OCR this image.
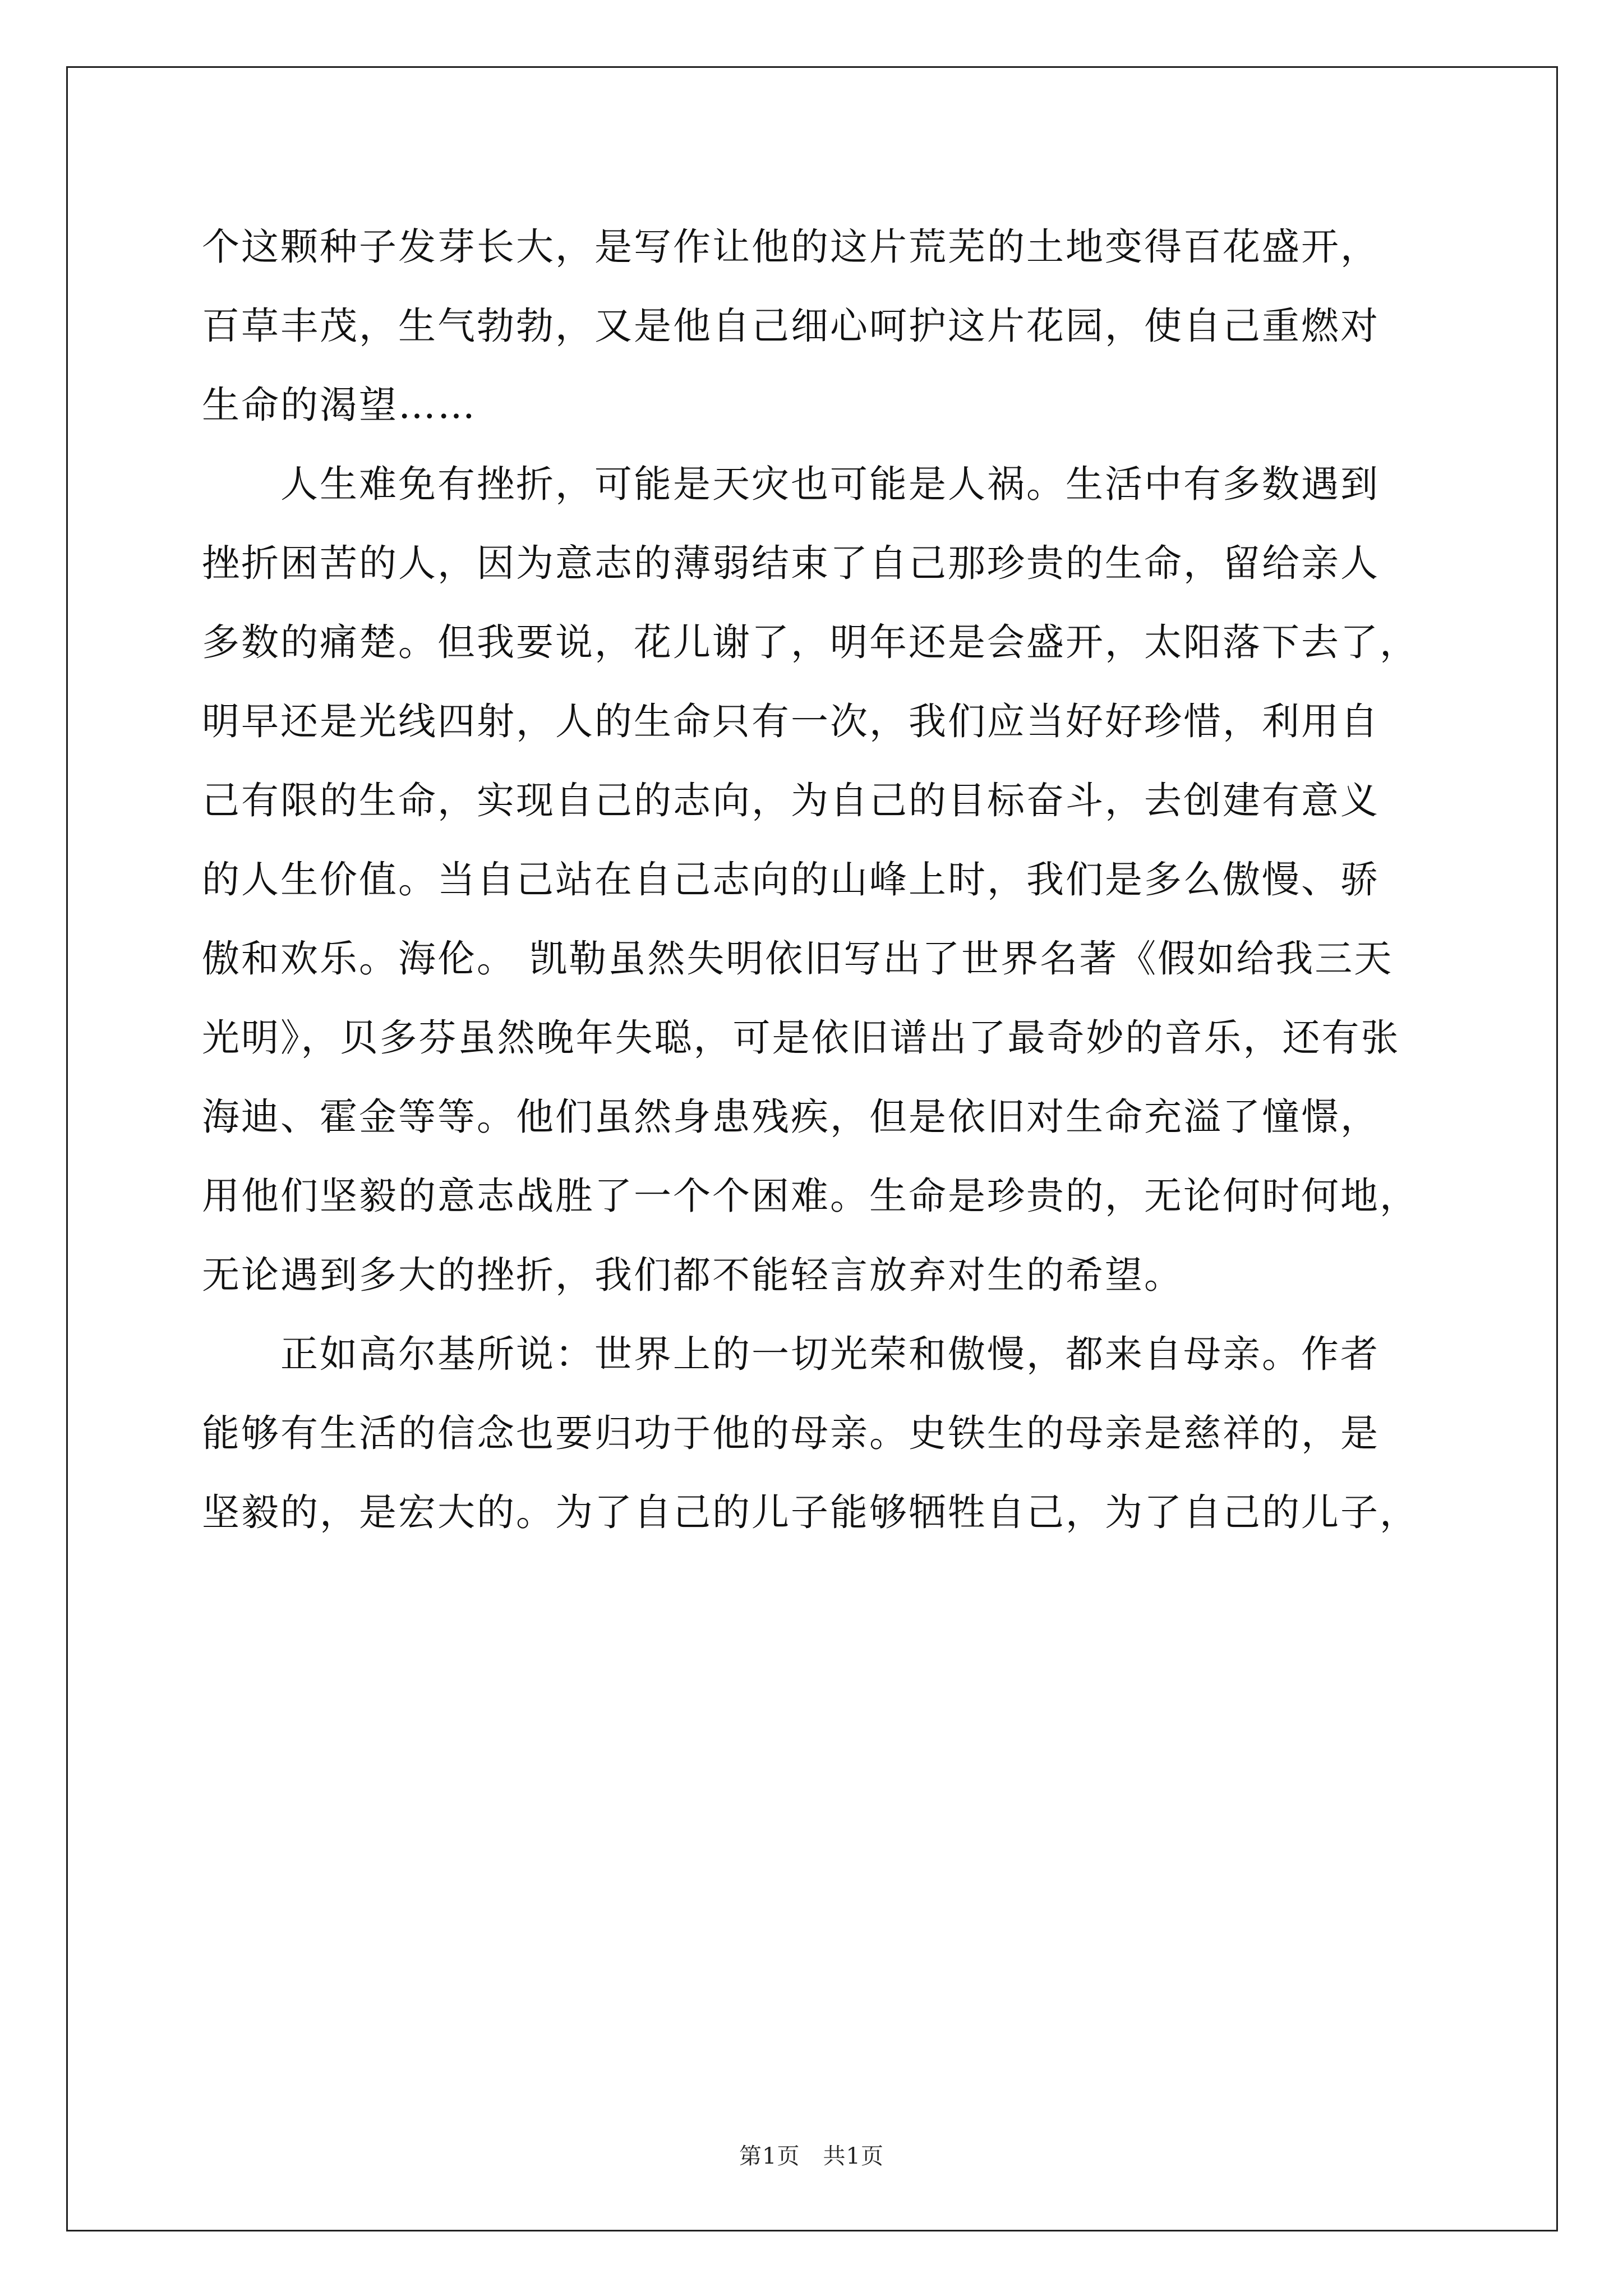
个这颗种子发芽长大，是写作让他的这片荒芜的土地变得百花盛开，
百草丰茂，生气勃勃，又是他自己细心呵护这片花园，使自己重燃对
生命的渴望……
　　人生难免有挫折，可能是天灾也可能是人祸。生活中有多数遇到
挫折困苦的人，因为意志的薄弱结束了自己那珍贵的生命，留给亲人
多数的痛楚。但我要说，花儿谢了，明年还是会盛开，太阳落下去了，
明早还是光线四射，人的生命只有一次，我们应当好好珍惜，利用自
己有限的生命，实现自己的志向，为自己的目标奋斗，去创建有意义
的人生价值。当自己站在自己志向的山峰上时，我们是多么傲慢、骄
傲和欢乐。海伦。 凯勒虽然失明依旧写出了世界名著《假如给我三天
光明》，贝多芬虽然晚年失聪，可是依旧谱出了最奇妙的音乐，还有张
海迪、霍金等等。他们虽然身患残疾，但是依旧对生命充溢了憧憬，
用他们坚毅的意志战胜了一个个困难。生命是珍贵的，无论何时何地，
无论遇到多大的挫折，我们都不能轻言放弃对生的希望。
　　正如高尔基所说：世界上的一切光荣和傲慢，都来自母亲。作者
能够有生活的信念也要归功于他的母亲。史铁生的母亲是慈祥的，是
坚毅的，是宏大的。为了自己的儿子能够牺牲自己，为了自己的儿子，
第1页　共1页
